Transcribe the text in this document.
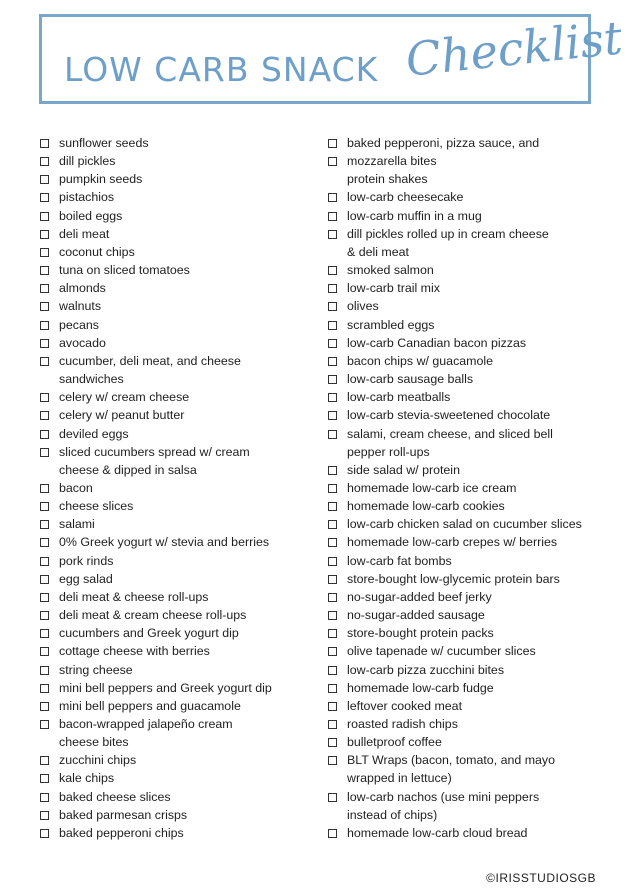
LOW CARB SNACK Checklist
sunflower seeds
dill pickles
pumpkin seeds
pistachios
boiled eggs
deli meat
coconut chips
tuna on sliced tomatoes
almonds
walnuts
pecans
avocado
cucumber, deli meat, and cheese
sandwiches
celery w/ cream cheese
celery w/ peanut butter
deviled eggs
sliced cucumbers spread w/ cream
cheese & dipped in salsa
bacon
cheese slices
salami
0% Greek yogurt w/ stevia and berries
pork rinds
egg salad
deli meat & cheese roll-ups
deli meat & cream cheese roll-ups
cucumbers and Greek yogurt dip
cottage cheese with berries
string cheese
mini bell peppers and Greek yogurt dip
mini bell peppers and guacamole
bacon-wrapped jalapeño cream
cheese bites
zucchini chips
kale chips
baked cheese slices
baked parmesan crisps
baked pepperoni chips
baked pepperoni, pizza sauce, and
mozzarella bites
protein shakes
low-carb cheesecake
low-carb muffin in a mug
dill pickles rolled up in cream cheese
& deli meat
smoked salmon
low-carb trail mix
olives
scrambled eggs
low-carb Canadian bacon pizzas
bacon chips w/ guacamole
low-carb sausage balls
low-carb meatballs
low-carb stevia-sweetened chocolate
salami, cream cheese, and sliced bell
pepper roll-ups
side salad w/ protein
homemade low-carb ice cream
homemade low-carb cookies
low-carb chicken salad on cucumber slices
homemade low-carb crepes w/ berries
low-carb fat bombs
store-bought low-glycemic protein bars
no-sugar-added beef jerky
no-sugar-added sausage
store-bought protein packs
olive tapenade w/ cucumber slices
low-carb pizza zucchini bites
homemade low-carb fudge
leftover cooked meat
roasted radish chips
bulletproof coffee
BLT Wraps (bacon, tomato, and mayo
wrapped in lettuce)
low-carb nachos (use mini peppers
instead of chips)
homemade low-carb cloud bread
©IRISSTUDIOSGB
